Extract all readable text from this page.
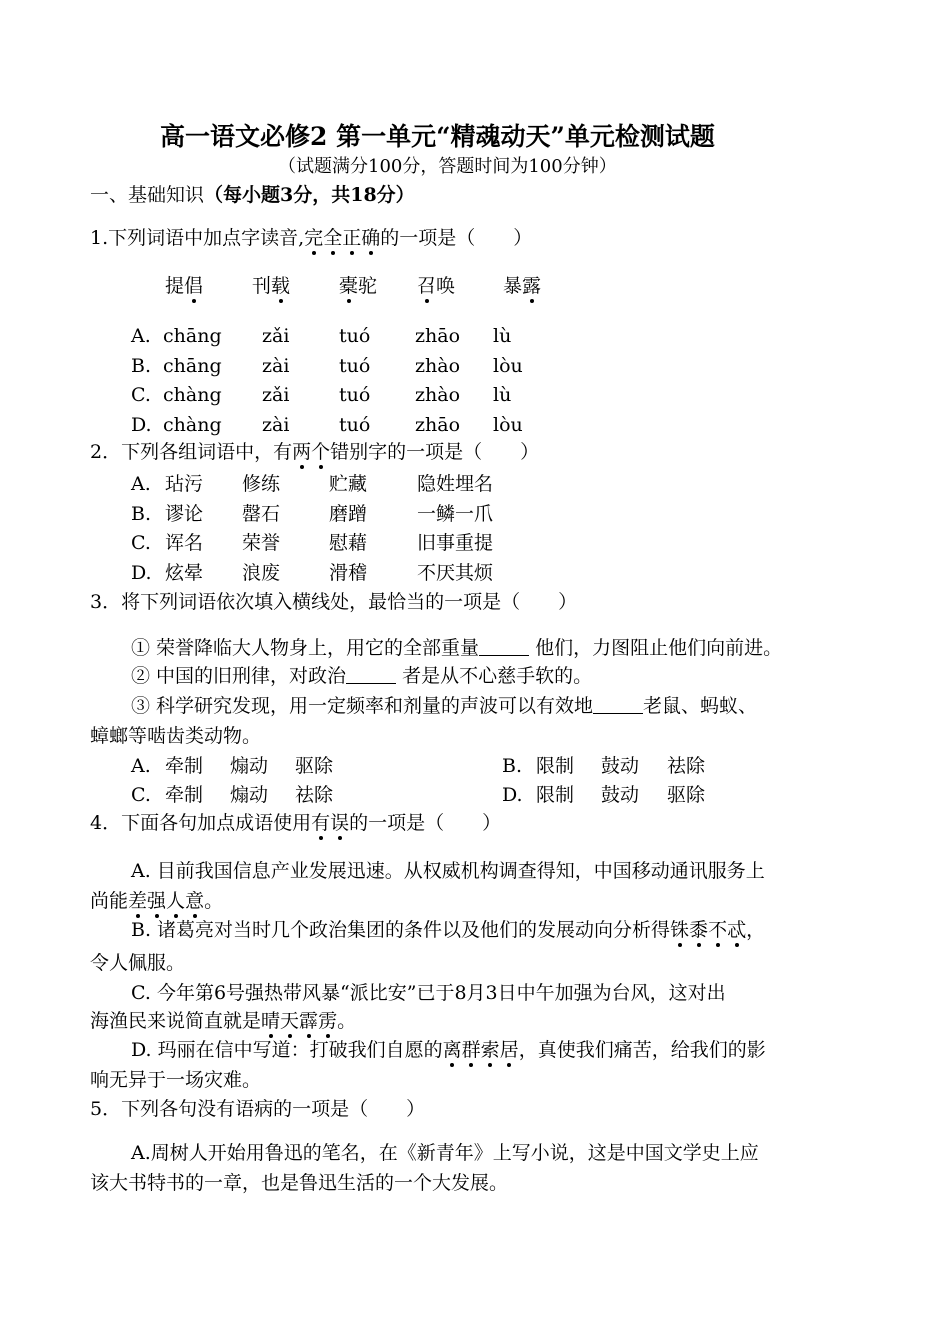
高一语文必修2 第一单元“精魂动天”单元检测试题
（试题满分100分，答题时间为100分钟）
一、基础知识（每小题3分，共18分）
1.下列词语中加点字读音,完全正确的一项是（　　）
提倡	刊载	橐驼 召唤	暴露
A. chāng zǎi	tuó zhāo lù
B. chāng zài	tuó zhào lòu
C. chàng zǎi	tuó zhào lù
D. chàng zài	tuó zhāo lòu
2．下列各组词语中，有两个错别字的一项是（　　）
A. 玷污 修练	贮藏	隐姓埋名
B. 谬论 罄石	磨蹭	一鳞一爪
C. 诨名 荣誉	慰藉	旧事重提
D. 炫晕 浪废	滑稽	不厌其烦
3．将下列词语依次填入横线处，最恰当的一项是（　　）
① 荣誉降临大人物身上，用它的全部重量	他们，力图阻止他们向前进。
② 中国的旧刑律，对政治	者是从不心慈手软的。
③ 科学研究发现，用一定频率和剂量的声波可以有效地	老鼠、蚂蚁、
蟑螂等啮齿类动物。
A. 牵制 煽动 驱除	B. 限制 鼓动 祛除
C. 牵制 煽动 祛除	D. 限制 鼓动 驱除
4．下面各句加点成语使用有误的一项是（　　）
A. 目前我国信息产业发展迅速。从权威机构调查得知，中国移动通讯服务上
尚能差强人意。
B. 诸葛亮对当时几个政治集团的条件以及他们的发展动向分析得铢黍不忒，
令人佩服。
C. 今年第6号强热带风暴“派比安”已于8月3日中午加强为台风，这对出
海渔民来说简直就是晴天霹雳。
D. 玛丽在信中写道：打破我们自愿的离群索居，真使我们痛苦，给我们的影
响无异于一场灾难。
5．下列各句没有语病的一项是（　　）
A.周树人开始用鲁迅的笔名，在《新青年》上写小说，这是中国文学史上应
该大书特书的一章，也是鲁迅生活的一个大发展。
